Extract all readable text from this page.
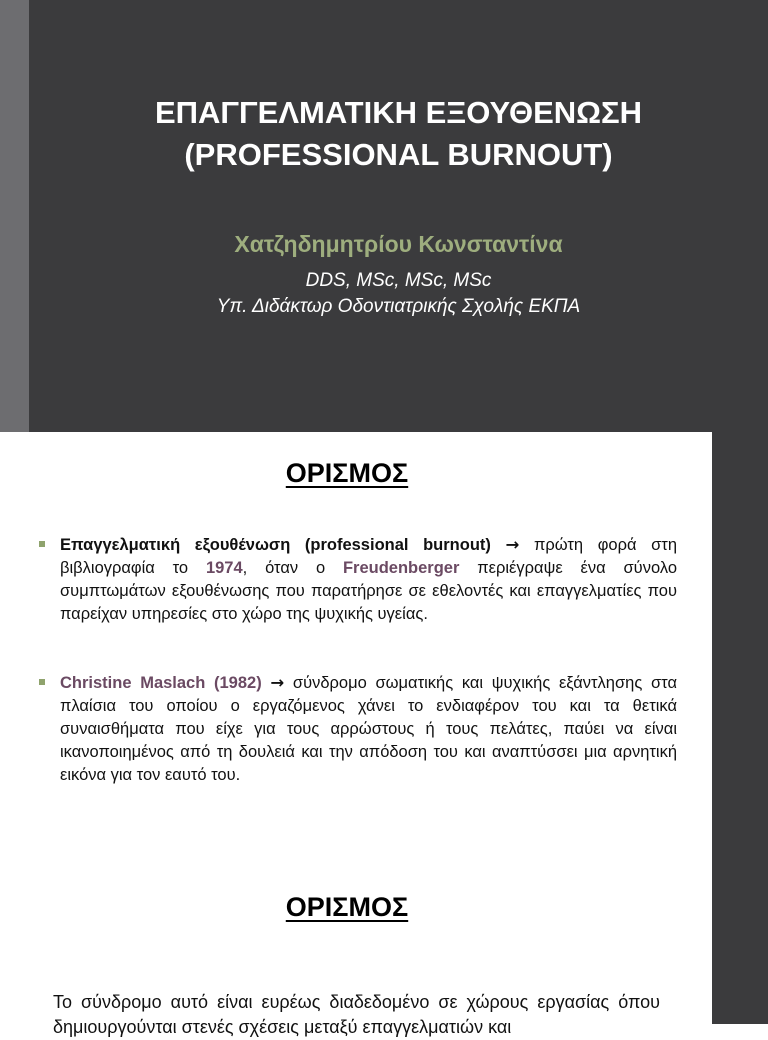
ΕΠΑΓΓΕΛΜΑΤΙΚΗ ΕΞΟΥΘΕΝΩΣΗ
(PROFESSIONAL BURNOUT)
Χατζηδημητρίου Κωνσταντίνα
DDS, MSc, MSc, MSc
Υπ. Διδάκτωρ Οδοντιατρικής Σχολής ΕΚΠΑ
ΟΡΙΣΜΟΣ
Επαγγελματική εξουθένωση (professional burnout) → πρώτη φορά στη βιβλιογραφία το 1974, όταν ο Freudenberger περιέγραψε ένα σύνολο συμπτωμάτων εξουθένωσης που παρατήρησε σε εθελοντές και επαγγελματίες που παρείχαν υπηρεσίες στο χώρο της ψυχικής υγείας.
Christine Maslach (1982) → σύνδρομο σωματικής και ψυχικής εξάντλησης στα πλαίσια του οποίου ο εργαζόμενος χάνει το ενδιαφέρον του και τα θετικά συναισθήματα που είχε για τους αρρώστους ή τους πελάτες, παύει να είναι ικανοποιημένος από τη δουλειά και την απόδοση του και αναπτύσσει μια αρνητική εικόνα για τον εαυτό του.
ΟΡΙΣΜΟΣ
Το σύνδρομο αυτό είναι ευρέως διαδεδομένο σε χώρους εργασίας όπου δημιουργούνται στενές σχέσεις μεταξύ επαγγελματιών και
